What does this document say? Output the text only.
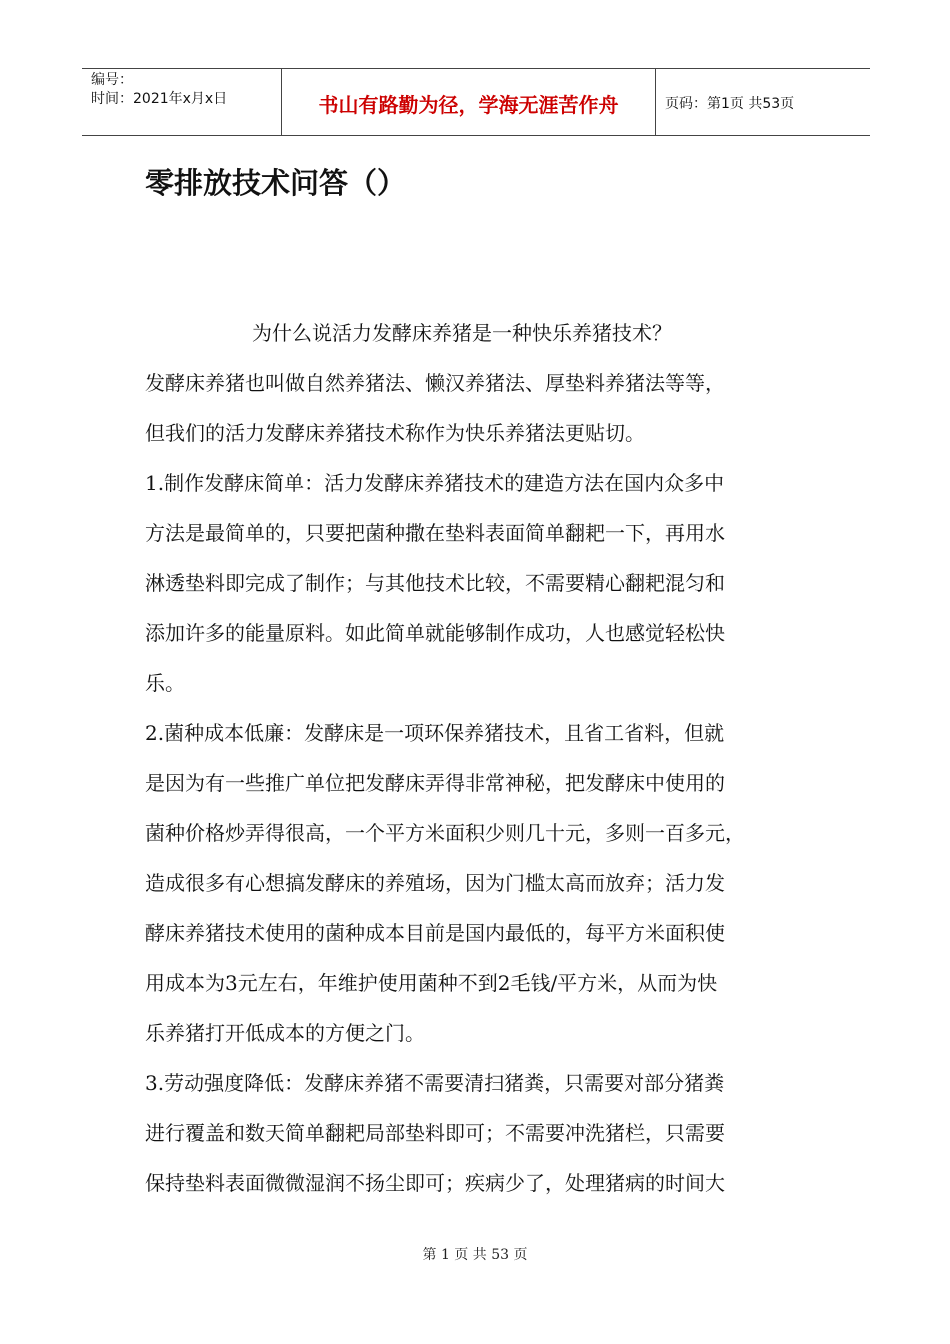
编号：
时间：2021年x月x日	书山有路勤为径，学海无涯苦作舟	页码：第1页 共53页
零排放技术问答（）

为什么说活力发酵床养猪是一种快乐养猪技术？

发酵床养猪也叫做自然养猪法、懒汉养猪法、厚垫料养猪法等等，

但我们的活力发酵床养猪技术称作为快乐养猪法更贴切。

1.制作发酵床简单：活力发酵床养猪技术的建造方法在国内众多中

方法是最简单的，只要把菌种撒在垫料表面简单翻耙一下，再用水

淋透垫料即完成了制作；与其他技术比较，不需要精心翻耙混匀和

添加许多的能量原料。如此简单就能够制作成功，人也感觉轻松快

乐。

2.菌种成本低廉：发酵床是一项环保养猪技术，且省工省料，但就

是因为有一些推广单位把发酵床弄得非常神秘，把发酵床中使用的

菌种价格炒弄得很高，一个平方米面积少则几十元，多则一百多元，

造成很多有心想搞发酵床的养殖场，因为门槛太高而放弃；活力发

酵床养猪技术使用的菌种成本目前是国内最低的，每平方米面积使

用成本为3元左右，年维护使用菌种不到2毛钱/平方米，从而为快

乐养猪打开低成本的方便之门。

3.劳动强度降低：发酵床养猪不需要清扫猪粪，只需要对部分猪粪

进行覆盖和数天简单翻耙局部垫料即可；不需要冲洗猪栏，只需要

保持垫料表面微微湿润不扬尘即可；疾病少了，处理猪病的时间大

第 1 页 共 53 页
